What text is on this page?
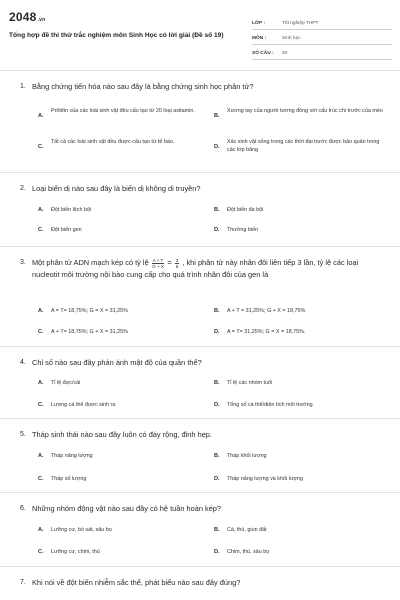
2048.vn
Tổng hợp đề thi thử trắc nghiệm môn Sinh Học có lời giải (Đề số 19)
LỚP :	Tốt nghiệp THPT
MÔN :	Sinh học
SỐ CÂU :	40
1. Bằng chứng tiến hóa nào sau đây là bằng chứng sinh học phân tử?
A.
Prôtêin của các loài sinh vật đều cấu tạo từ 20 loại axitamin.
B.
Xương tay của người tương đồng với cấu trúc chi trước của mèo
C.
Tất cả các loài sinh vật đều được cấu tạo từ tế bào.
D.
Xác sinh vật sống trong các thời đại trước được bảo quản trong các lớp băng
2. Loại biến dị nào sau đây là biến dị không di truyền?
A. Đột biến lệch bội	B. Đột biến đa bội
C. Đột biến gen	D. Thường biến
3. Một phân tử ADN mạch kép có tỷ lệ $\frac{A + T}{G + X} = \frac{3}{5}$ , khi phân tử này nhân đôi liên tiếp 3 lần, tỷ lệ các loại nucleotit môi trường nội bào cung cấp cho quá trình nhân đôi của gen là
A. A = T= 18,75%; G = X = 31,25%	B. A + T = 31,25%; G + X = 18,75%
C. A + T= 18,75%; G + X = 31,25%	D. A = T= 31,25%; G = X = 18,75%.
4. Chỉ số nào sau đây phản ánh mật độ của quần thể?
A. Tỉ lệ đực/cái	B. Tỉ lệ các nhóm tuổi
C. Lượng cá thể được sinh ra	D. Tổng số cá thể/diện tích môi trường
5. Tháp sinh thái nào sau đây luôn có đáy rộng, đỉnh hẹp.
A. Tháp năng lượng	B. Tháp khối lượng
C. Tháp số lượng	D. Tháp năng lượng và khối lượng
6. Những nhóm động vật nào sau đây có hệ tuần hoàn kép?
A. Lưỡng cư, bò sát, sâu bọ	B. Cá, thú, giun đất
C. Lưỡng cư, chim, thú	D. Chim, thú, sâu bọ
7. Khi nói về đột biến nhiễm sắc thể, phát biểu nào sau đây đúng?
